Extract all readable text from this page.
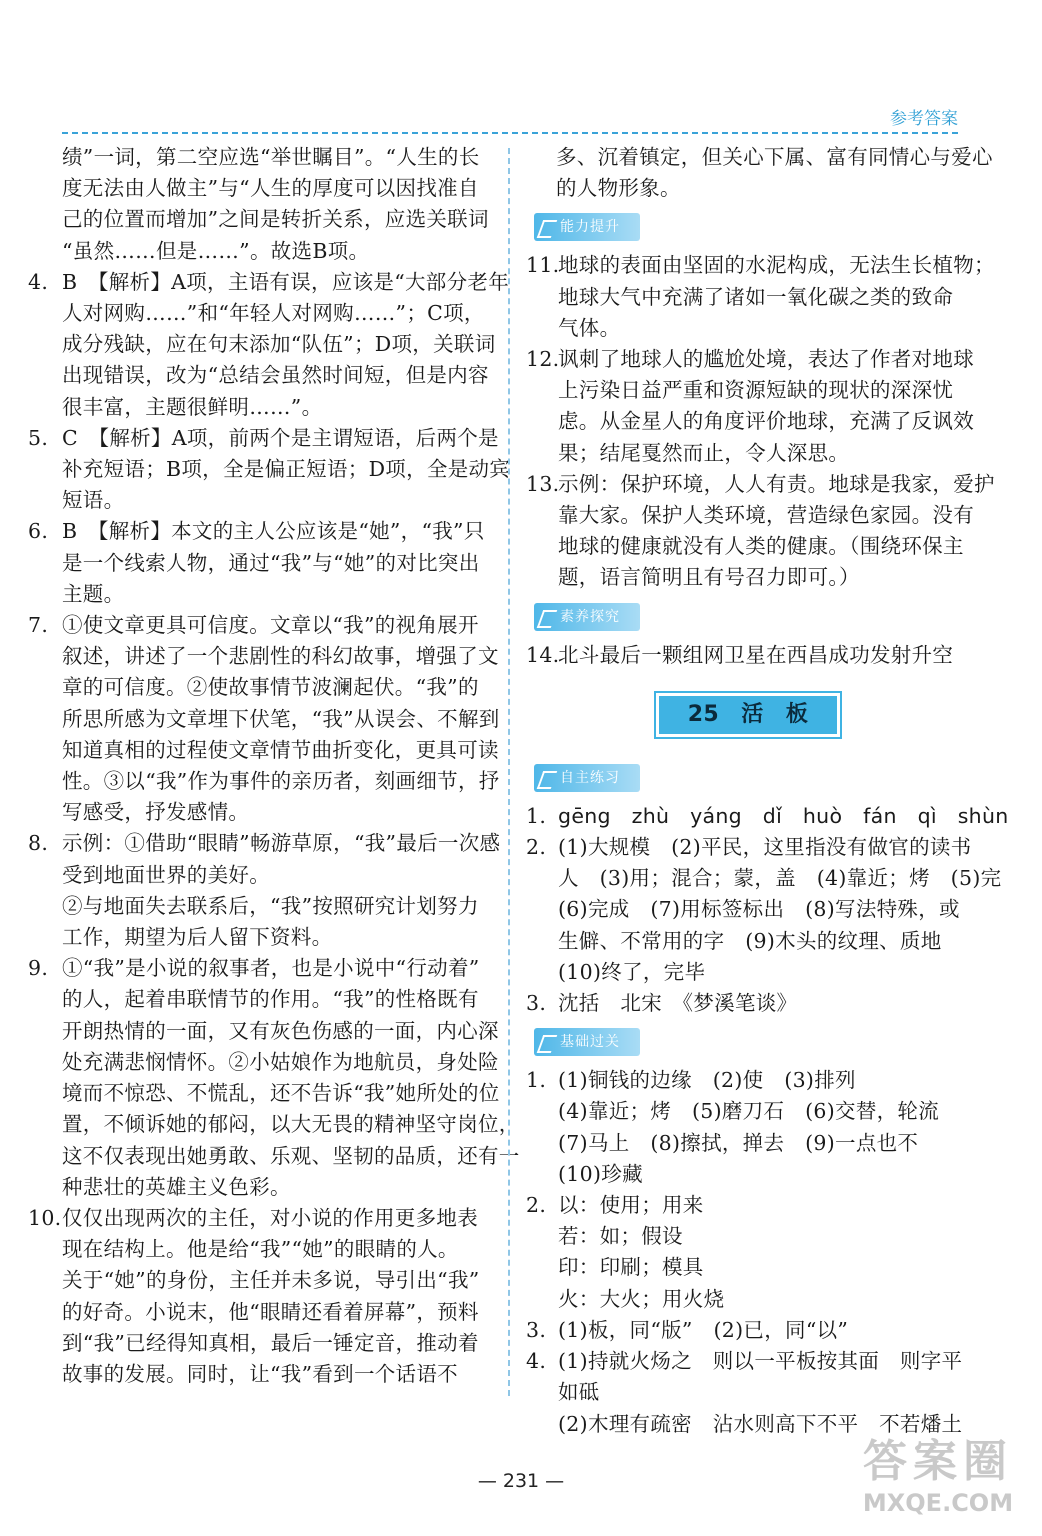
参考答案
绩”一词，第二空应选“举世瞩目”。“人生的长
度无法由人做主”与“人生的厚度可以因找准自
己的位置而增加”之间是转折关系，应选关联词
“虽然……但是……”。故选B项。
4. B　【解析】A项，主语有误，应该是“大部分老年
人对网购……”和“年轻人对网购……”；C项，
成分残缺，应在句末添加“队伍”；D项，关联词
出现错误，改为“总结会虽然时间短，但是内容
很丰富，主题很鲜明……”。
5. C　【解析】A项，前两个是主谓短语，后两个是
补充短语；B项，全是偏正短语；D项，全是动宾
短语。
6. B　【解析】本文的主人公应该是“她”，“我”只
是一个线索人物，通过“我”与“她”的对比突出
主题。
7. ①使文章更具可信度。文章以“我”的视角展开
叙述，讲述了一个悲剧性的科幻故事，增强了文
章的可信度。②使故事情节波澜起伏。“我”的
所思所感为文章埋下伏笔，“我”从误会、不解到
知道真相的过程使文章情节曲折变化，更具可读
性。③以“我”作为事件的亲历者，刻画细节，抒
写感受，抒发感情。
8. 示例：①借助“眼睛”畅游草原，“我”最后一次感
受到地面世界的美好。
②与地面失去联系后，“我”按照研究计划努力
工作，期望为后人留下资料。
9. ①“我”是小说的叙事者，也是小说中“行动着”
的人，起着串联情节的作用。“我”的性格既有
开朗热情的一面，又有灰色伤感的一面，内心深
处充满悲悯情怀。②小姑娘作为地航员，身处险
境而不惊恐、不慌乱，还不告诉“我”她所处的位
置，不倾诉她的郁闷，以大无畏的精神坚守岗位，
这不仅表现出她勇敢、乐观、坚韧的品质，还有一
种悲壮的英雄主义色彩。
10. 仅仅出现两次的主任，对小说的作用更多地表
现在结构上。他是给“我”“她”的眼睛的人。
关于“她”的身份，主任并未多说，导引出“我”
的好奇。小说末，他“眼睛还看着屏幕”，预料
到“我”已经得知真相，最后一锤定音，推动着
故事的发展。同时，让“我”看到一个话语不
多、沉着镇定，但关心下属、富有同情心与爱心
的人物形象。
能力提升
11.
地球的表面由坚固的水泥构成，无法生长植物；
地球大气中充满了诸如一氧化碳之类的致命
气体。
12.
讽刺了地球人的尴尬处境，表达了作者对地球
上污染日益严重和资源短缺的现状的深深忧
虑。从金星人的角度评价地球，充满了反讽效
果；结尾戛然而止，令人深思。
13.
示例：保护环境，人人有责。地球是我家，爱护
靠大家。保护人类环境，营造绿色家园。没有
地球的健康就没有人类的健康。（围绕环保主
题，语言简明且有号召力即可。）
素养探究
14.
北斗最后一颗组网卫星在西昌成功发射升空
25　活　板
自主练习
1. gēng　zhù　yáng　dǐ　huò　fán　qì　shùn
2. (1)大规模　(2)平民，这里指没有做官的读书
人　(3)用；混合；蒙，盖　(4)靠近；烤　(5)完
(6)完成　(7)用标签标出　(8)写法特殊，或
生僻、不常用的字　(9)木头的纹理、质地
(10)终了，完毕
3. 沈括　北宋　《梦溪笔谈》
基础过关
1. (1)铜钱的边缘　(2)使　(3)排列
(4)靠近；烤　(5)磨刀石　(6)交替，轮流
(7)马上　(8)擦拭，掸去　(9)一点也不
(10)珍藏
2. 以：使用；用来
若：如；假设
印：印刷；模具
火：大火；用火烧
3. (1)板，同“版”　(2)已，同“以”
4. (1)持就火炀之　则以一平板按其面　则字平
如砥
(2)木理有疏密　沾水则高下不平　不若燔土
— 231 —	答案圈
MXQE.COM
